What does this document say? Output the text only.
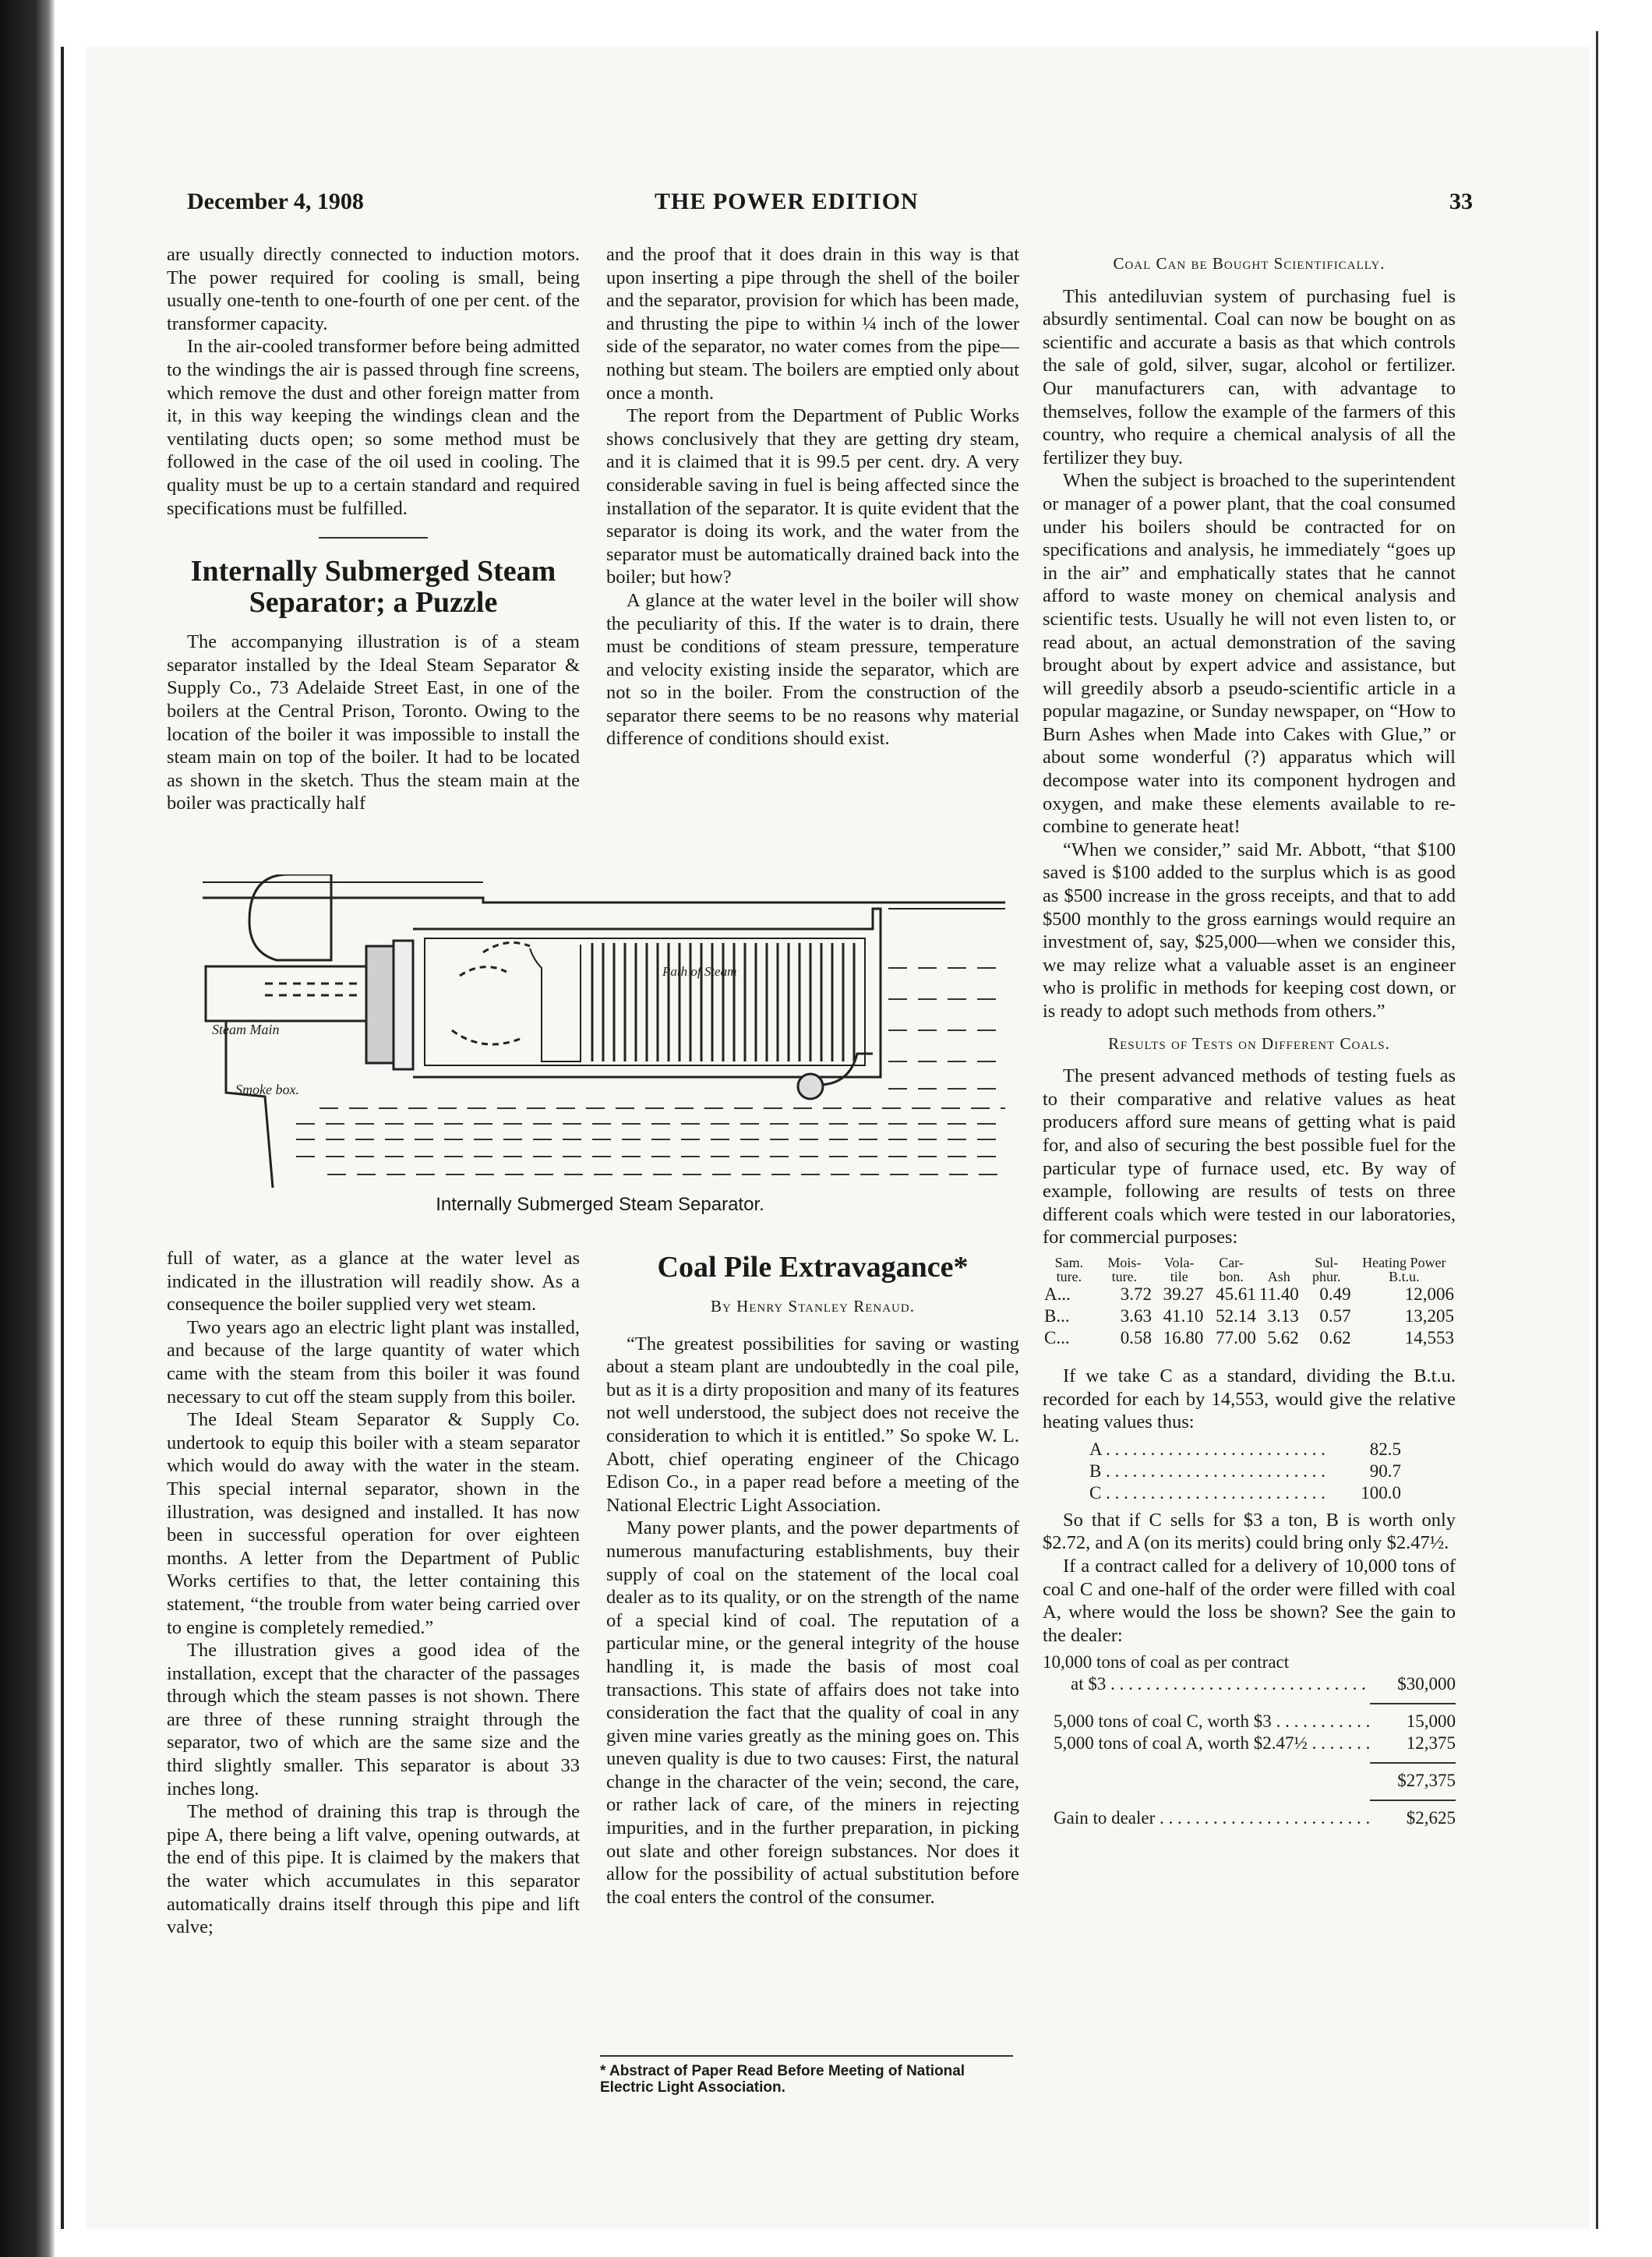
December 4, 1908	THE POWER EDITION	33

are usually directly connected to induction motors. The power required for cooling is small, being usually one-tenth to one-fourth of one per cent. of the transformer capacity.

In the air-cooled transformer before being admitted to the windings the air is passed through fine screens, which remove the dust and other foreign matter from it, in this way keeping the windings clean and the ventilating ducts open; so some method must be followed in the case of the oil used in cooling. The quality must be up to a certain standard and required specifications must be fulfilled.

Internally Submerged Steam Separator; a Puzzle

The accompanying illustration is of a steam separator installed by the Ideal Steam Separator & Supply Co., 73 Adelaide Street East, in one of the boilers at the Central Prison, Toronto. Owing to the location of the boiler it was impossible to install the steam main on top of the boiler. It had to be located as shown in the sketch. Thus the steam main at the boiler was practically half

and the proof that it does drain in this way is that upon inserting a pipe through the shell of the boiler and the separator, provision for which has been made, and thrusting the pipe to within ¼ inch of the lower side of the separator, no water comes from the pipe—nothing but steam. The boilers are emptied only about once a month.

The report from the Department of Public Works shows conclusively that they are getting dry steam, and it is claimed that it is 99.5 per cent. dry. A very considerable saving in fuel is being affected since the installation of the separator. It is quite evident that the separator is doing its work, and the water from the separator must be automatically drained back into the boiler; but how?

A glance at the water level in the boiler will show the peculiarity of this. If the water is to drain, there must be conditions of steam pressure, temperature and velocity existing inside the separator, which are not so in the boiler. From the construction of the separator there seems to be no reasons why material difference of conditions should exist.

Coal Can be Bought Scientifically.

This antediluvian system of purchasing fuel is absurdly sentimental. Coal can now be bought on as scientific and accurate a basis as that which controls the sale of gold, silver, sugar, alcohol or fertilizer. Our manufacturers can, with advantage to themselves, follow the example of the farmers of this country, who require a chemical analysis of all the fertilizer they buy.

When the subject is broached to the superintendent or manager of a power plant, that the coal consumed under his boilers should be contracted for on specifications and analysis, he immediately “goes up in the air” and emphatically states that he cannot afford to waste money on chemical analysis and scientific tests. Usually he will not even listen to, or read about, an actual demonstration of the saving brought about by expert advice and assistance, but will greedily absorb a pseudo-scientific article in a popular magazine, or Sunday newspaper, on “How to Burn Ashes when Made into Cakes with Glue,” or about some wonderful (?) apparatus which will decompose water into its component hydrogen and oxygen, and make these elements available to re-combine to generate heat!

“When we consider,” said Mr. Abbott, “that $100 saved is $100 added to the surplus which is as good as $500 increase in the gross receipts, and that to add $500 monthly to the gross earnings would require an investment of, say, $25,000—when we consider this, we may relize what a valuable asset is an engineer who is prolific in methods for keeping cost down, or is ready to adopt such methods from others.”

Results of Tests on Different Coals.

The present advanced methods of testing fuels as to their comparative and relative values as heat producers afford sure means of getting what is paid for, and also of securing the best possible fuel for the particular type of furnace used, etc. By way of example, following are results of tests on three different coals which were tested in our laboratories, for commercial purposes:

Sam. ture.	Mois- ture.	Vola- tile	Car- bon.	Ash	Sul- phur.	Heating Power B.t.u.
A...	3.72	39.27	45.61	11.40	0.49	12,006
B...	3.63	41.10	52.14	3.13	0.57	13,205
C...	0.58	16.80	77.00	5.62	0.62	14,553

If we take C as a standard, dividing the B.t.u. recorded for each by 14,553, would give the relative heating values thus:

A . . .	82.5
B . . .	90.7
C . . .	100.0

So that if C sells for $3 a ton, B is worth only $2.72, and A (on its merits) could bring only $2.47½.

If a contract called for a delivery of 10,000 tons of coal C and one-half of the order were filled with coal A, where would the loss be shown? See the gain to the dealer:

10,000 tons of coal as per contract
at $3 . . .	$30,000
5,000 tons of coal C, worth $3 . . .	15,000
5,000 tons of coal A, worth $2.47½ . . .	12,375
$27,375
Gain to dealer . . .	$2,625
Steam Main
Smoke box.
Path of Steam
Internally Submerged Steam Separator.

full of water, as a glance at the water level as indicated in the illustration will readily show. As a consequence the boiler supplied very wet steam.

Two years ago an electric light plant was installed, and because of the large quantity of water which came with the steam from this boiler it was found necessary to cut off the steam supply from this boiler.

The Ideal Steam Separator & Supply Co. undertook to equip this boiler with a steam separator which would do away with the water in the steam. This special internal separator, shown in the illustration, was designed and installed. It has now been in successful operation for over eighteen months. A letter from the Department of Public Works certifies to that, the letter containing this statement, “the trouble from water being carried over to engine is completely remedied.”

The illustration gives a good idea of the installation, except that the character of the passages through which the steam passes is not shown. There are three of these running straight through the separator, two of which are the same size and the third slightly smaller. This separator is about 33 inches long.

The method of draining this trap is through the pipe A, there being a lift valve, opening outwards, at the end of this pipe. It is claimed by the makers that the water which accumulates in this separator automatically drains itself through this pipe and lift valve;

Coal Pile Extravagance*
By Henry Stanley Renaud.

“The greatest possibilities for saving or wasting about a steam plant are undoubtedly in the coal pile, but as it is a dirty proposition and many of its features not well understood, the subject does not receive the consideration to which it is entitled.” So spoke W. L. Abott, chief operating engineer of the Chicago Edison Co., in a paper read before a meeting of the National Electric Light Association.

Many power plants, and the power departments of numerous manufacturing establishments, buy their supply of coal on the statement of the local coal dealer as to its quality, or on the strength of the name of a special kind of coal. The reputation of a particular mine, or the general integrity of the house handling it, is made the basis of most coal transactions. This state of affairs does not take into consideration the fact that the quality of coal in any given mine varies greatly as the mining goes on. This uneven quality is due to two causes: First, the natural change in the character of the vein; second, the care, or rather lack of care, of the miners in rejecting impurities, and in the further preparation, in picking out slate and other foreign substances. Nor does it allow for the possibility of actual substitution before the coal enters the control of the consumer.

* Abstract of Paper Read Before Meeting of National Electric Light Association.
